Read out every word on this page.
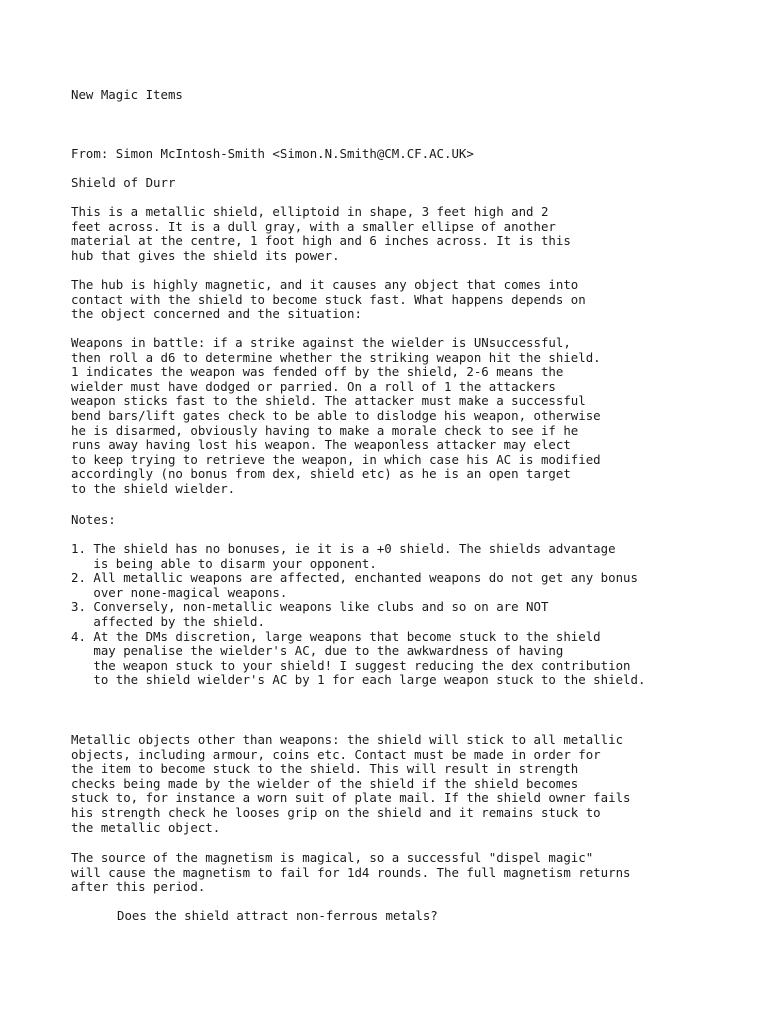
New Magic Items
From: Simon McIntosh-Smith <Simon.N.Smith@CM.CF.AC.UK>
Shield of Durr
This is a metallic shield, elliptoid in shape, 3 feet high and 2
feet across. It is a dull gray, with a smaller ellipse of another
material at the centre, 1 foot high and 6 inches across. It is this
hub that gives the shield its power.
The hub is highly magnetic, and it causes any object that comes into
contact with the shield to become stuck fast. What happens depends on
the object concerned and the situation:
Weapons in battle: if a strike against the wielder is UNsuccessful,
then roll a d6 to determine whether the striking weapon hit the shield.
1 indicates the weapon was fended off by the shield, 2-6 means the
wielder must have dodged or parried. On a roll of 1 the attackers
weapon sticks fast to the shield. The attacker must make a successful
bend bars/lift gates check to be able to dislodge his weapon, otherwise
he is disarmed, obviously having to make a morale check to see if he
runs away having lost his weapon. The weaponless attacker may elect
to keep trying to retrieve the weapon, in which case his AC is modified
accordingly (no bonus from dex, shield etc) as he is an open target
to the shield wielder.
Notes:
1. The shield has no bonuses, ie it is a +0 shield. The shields advantage
is being able to disarm your opponent.
2. All metallic weapons are affected, enchanted weapons do not get any bonus
over none-magical weapons.
3. Conversely, non-metallic weapons like clubs and so on are NOT
affected by the shield.
4. At the DMs discretion, large weapons that become stuck to the shield
may penalise the wielder's AC, due to the awkwardness of having
the weapon stuck to your shield! I suggest reducing the dex contribution
to the shield wielder's AC by 1 for each large weapon stuck to the shield.
Metallic objects other than weapons: the shield will stick to all metallic
objects, including armour, coins etc. Contact must be made in order for
the item to become stuck to the shield. This will result in strength
checks being made by the wielder of the shield if the shield becomes
stuck to, for instance a worn suit of plate mail. If the shield owner fails
his strength check he looses grip on the shield and it remains stuck to
the metallic object.
The source of the magnetism is magical, so a successful "dispel magic"
will cause the magnetism to fail for 1d4 rounds. The full magnetism returns
after this period.
Does the shield attract non-ferrous metals?
